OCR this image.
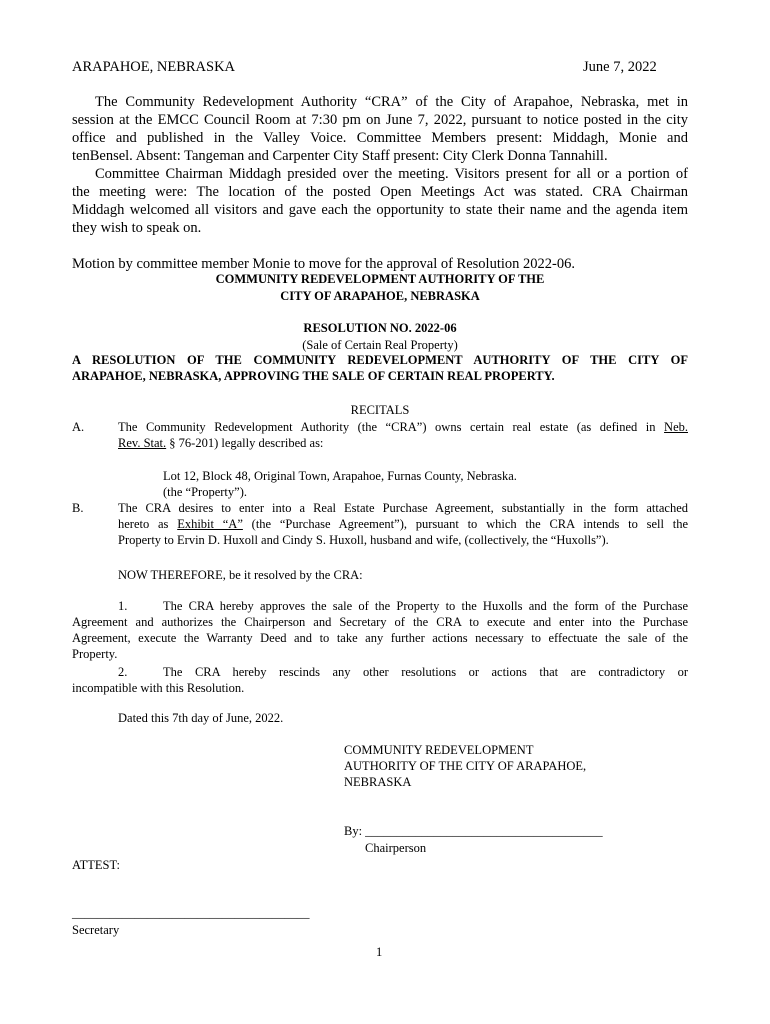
ARAPAHOE, NEBRASKA	June 7, 2022
The Community Redevelopment Authority “CRA” of the City of Arapahoe, Nebraska, met in
session at the EMCC Council Room at 7:30 pm on June 7, 2022, pursuant to notice posted in the city
office and published in the Valley Voice. Committee Members present: Middagh, Monie and
tenBensel. Absent: Tangeman and Carpenter City Staff present: City Clerk Donna Tannahill.
Committee Chairman Middagh presided over the meeting. Visitors present for all or a portion of
the meeting were: The location of the posted Open Meetings Act was stated. CRA Chairman
Middagh welcomed all visitors and gave each the opportunity to state their name and the agenda item
they wish to speak on.
Motion by committee member Monie to move for the approval of Resolution 2022-06.
COMMUNITY REDEVELOPMENT AUTHORITY OF THE
CITY OF ARAPAHOE, NEBRASKA
RESOLUTION NO. 2022-06
(Sale of Certain Real Property)
A RESOLUTION OF THE COMMUNITY REDEVELOPMENT AUTHORITY OF THE CITY OF
ARAPAHOE, NEBRASKA, APPROVING THE SALE OF CERTAIN REAL PROPERTY.
RECITALS
A.	The Community Redevelopment Authority (the “CRA”) owns certain real estate (as defined in Neb.
Rev. Stat. § 76-201) legally described as:
Lot 12, Block 48, Original Town, Arapahoe, Furnas County, Nebraska.
(the “Property”).
B.	The CRA desires to enter into a Real Estate Purchase Agreement, substantially in the form attached
hereto as Exhibit “A” (the “Purchase Agreement”), pursuant to which the CRA intends to sell the
Property to Ervin D. Huxoll and Cindy S. Huxoll, husband and wife, (collectively, the “Huxolls”).
NOW THEREFORE, be it resolved by the CRA:
1.	The CRA hereby approves the sale of the Property to the Huxolls and the form of the Purchase
Agreement and authorizes the Chairperson and Secretary of the CRA to execute and enter into the Purchase
Agreement, execute the Warranty Deed and to take any further actions necessary to effectuate the sale of the
Property.
2.	The CRA hereby rescinds any other resolutions or actions that are contradictory or
incompatible with this Resolution.
Dated this 7th day of June, 2022.
COMMUNITY REDEVELOPMENT
AUTHORITY OF THE CITY OF ARAPAHOE,
NEBRASKA
By: ______________________________________
Chairperson
ATTEST:
______________________________________
Secretary
1
